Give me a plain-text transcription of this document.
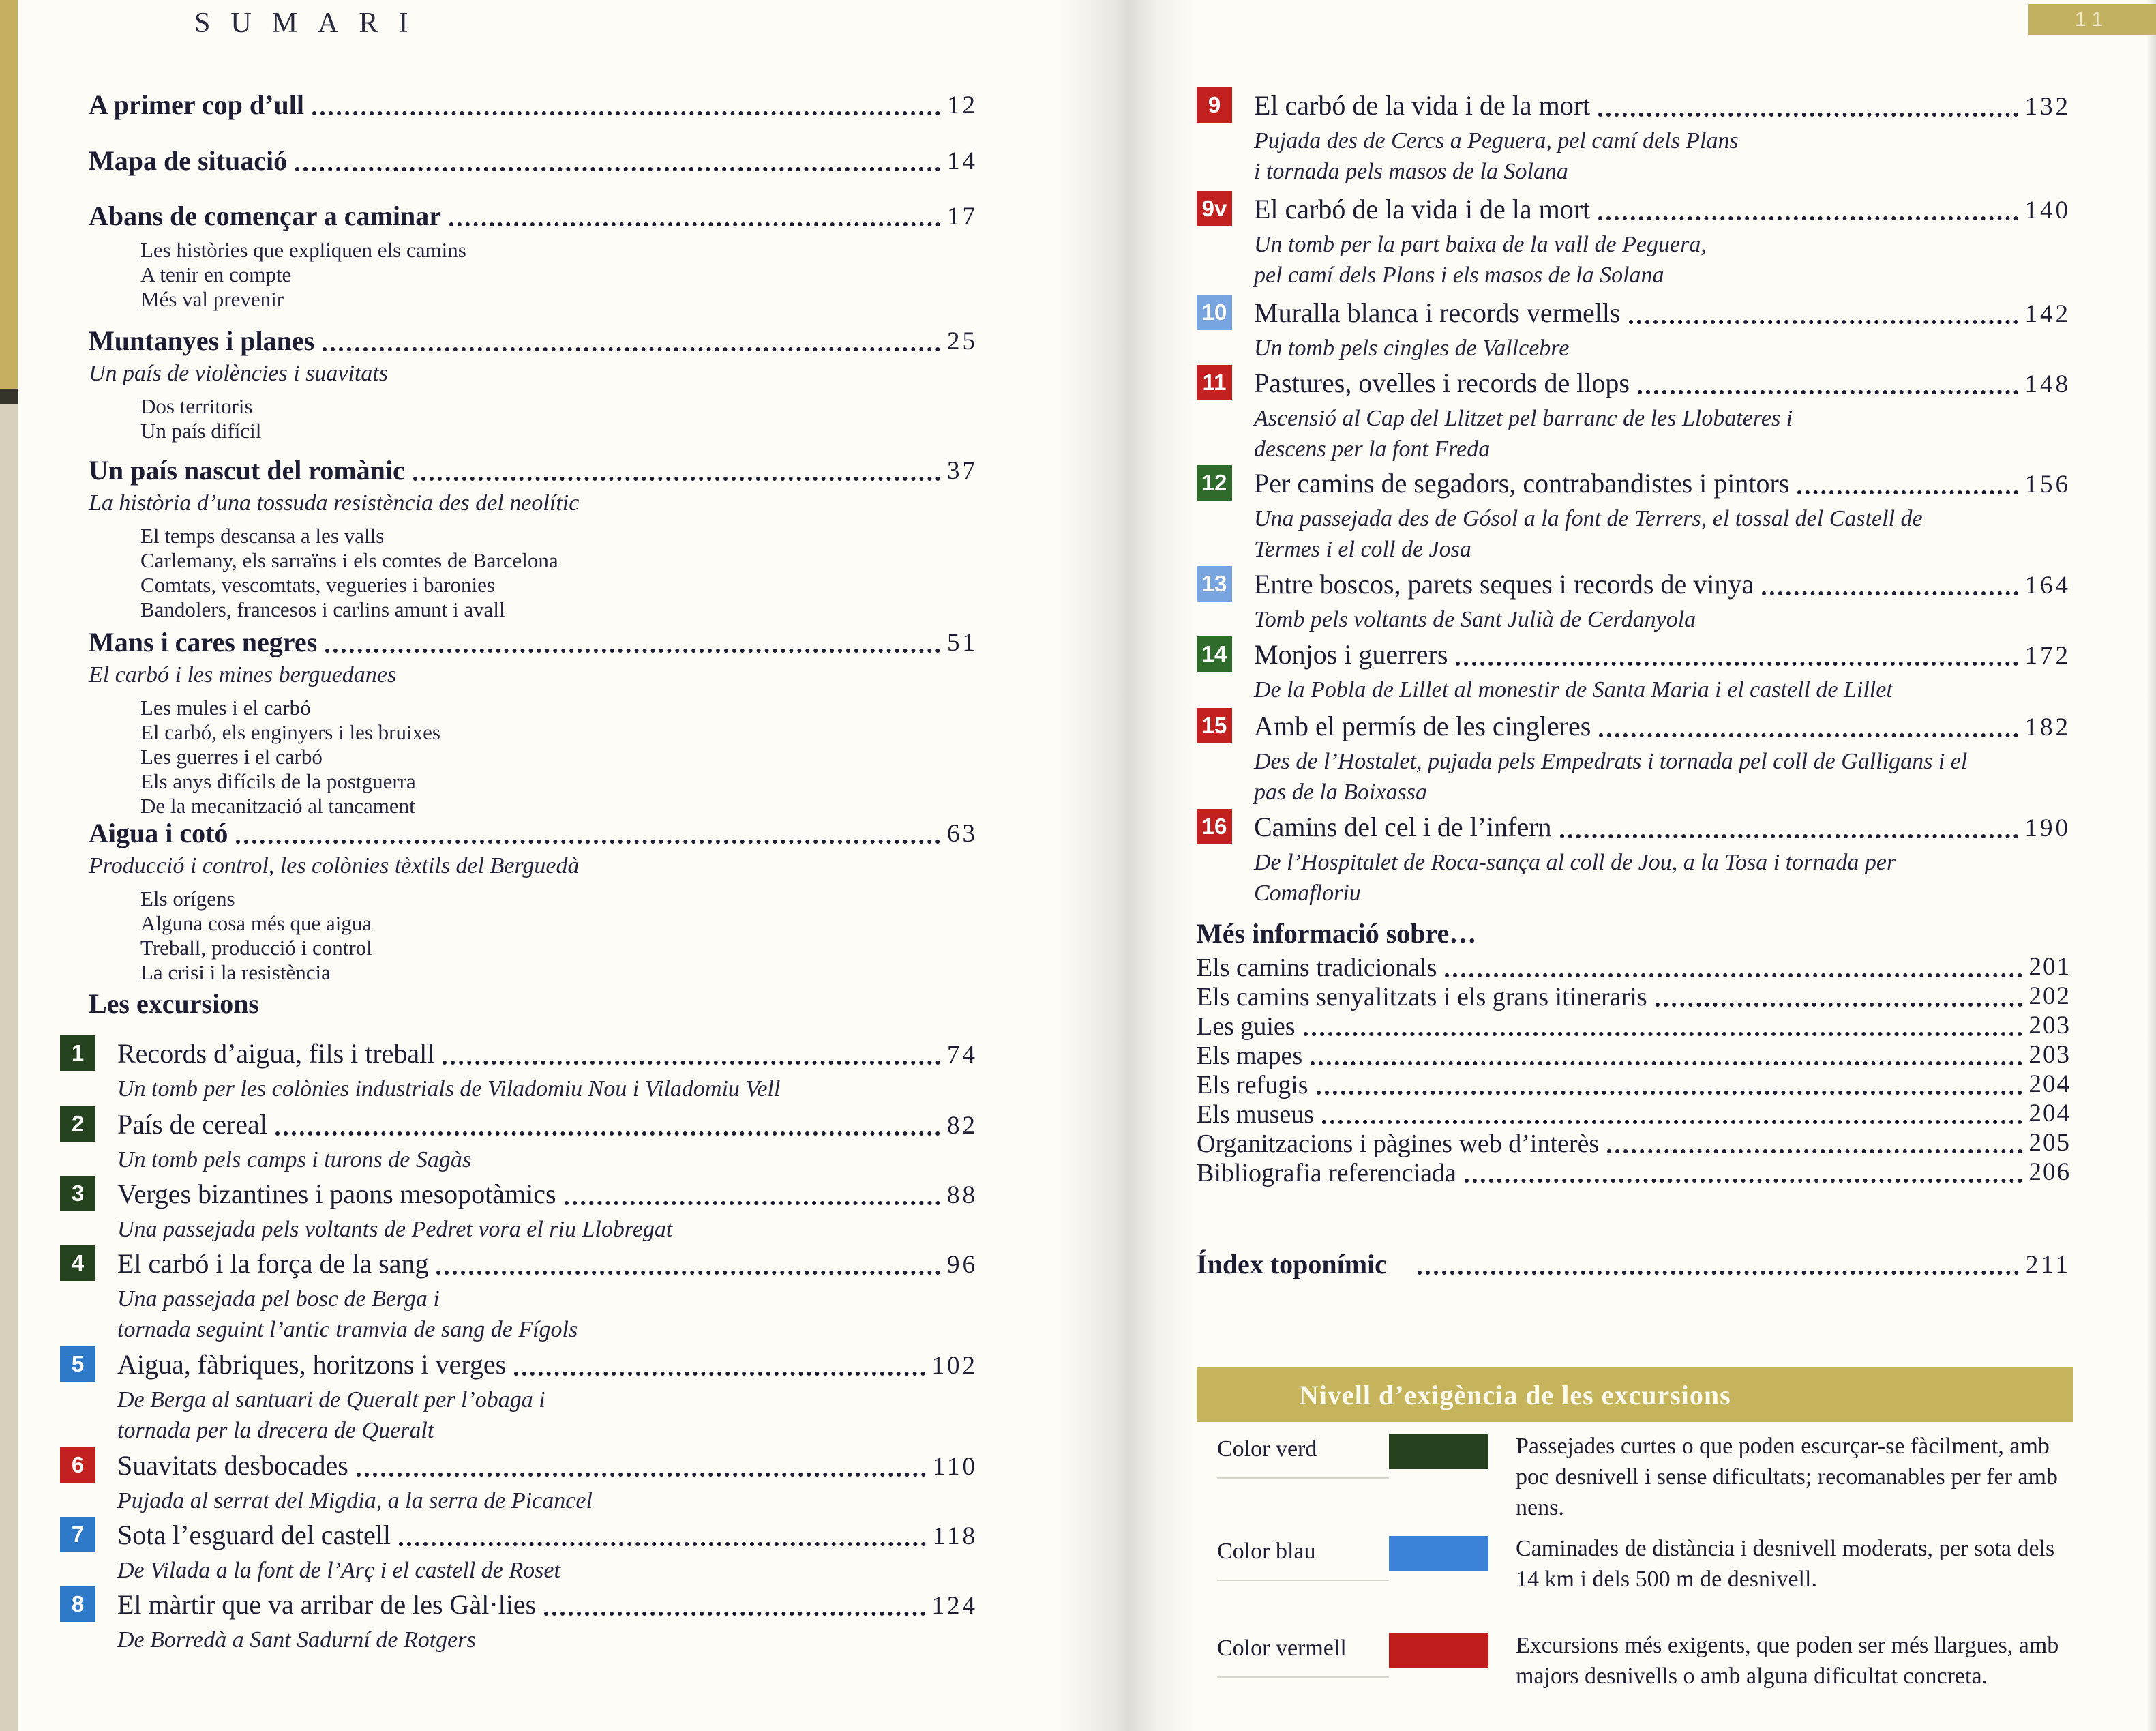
SUMARI
A primer cop d’ull	12
Mapa de situació	14
Abans de començar a caminar	17
Les històries que expliquen els camins
A tenir en compte
Més val prevenir
Muntanyes i planes	25
Un país de violències i suavitats
Dos territoris
Un país difícil
Un país nascut del romànic	37
La història d’una tossuda resistència des del neolític
El temps descansa a les valls
Carlemany, els sarraïns i els comtes de Barcelona
Comtats, vescomtats, vegueries i baronies
Bandolers, francesos i carlins amunt i avall
Mans i cares negres	51
El carbó i les mines berguedanes
Les mules i el carbó
El carbó, els enginyers i les bruixes
Les guerres i el carbó
Els anys difícils de la postguerra
De la mecanització al tancament
Aigua i cotó	63
Producció i control, les colònies tèxtils del Berguedà
Els orígens
Alguna cosa més que aigua
Treball, producció i control
La crisi i la resistència
Les excursions
1	Records d’aigua, fils i treball	74
Un tomb per les colònies industrials de Viladomiu Nou i Viladomiu Vell
2	País de cereal	82
Un tomb pels camps i turons de Sagàs
3	Verges bizantines i paons mesopotàmics	88
Una passejada pels voltants de Pedret vora el riu Llobregat
4	El carbó i la força de la sang	96
Una passejada pel bosc de Berga i
tornada seguint l’antic tramvia de sang de Fígols
5	Aigua, fàbriques, horitzons i verges	102
De Berga al santuari de Queralt per l’obaga i
tornada per la drecera de Queralt
6	Suavitats desbocades	110
Pujada al serrat del Migdia, a la serra de Picancel
7	Sota l’esguard del castell	118
De Vilada a la font de l’Arç i el castell de Roset
8	El màrtir que va arribar de les Gàl·lies	124
De Borredà a Sant Sadurní de Rotgers
9	El carbó de la vida i de la mort	132
Pujada des de Cercs a Peguera, pel camí dels Plans
i tornada pels masos de la Solana
9v El carbó de la vida i de la mort	140
Un tomb per la part baixa de la vall de Peguera,
pel camí dels Plans i els masos de la Solana
10 Muralla blanca i records vermells	142
Un tomb pels cingles de Vallcebre
11 Pastures, ovelles i records de llops	148
Ascensió al Cap del Llitzet pel barranc de les Llobateres i
descens per la font Freda
12 Per camins de segadors, contrabandistes i pintors	156
Una passejada des de Gósol a la font de Terrers, el tossal del Castell de
Termes i el coll de Josa
13 Entre boscos, parets seques i records de vinya	164
Tomb pels voltants de Sant Julià de Cerdanyola
14 Monjos i guerrers	172
De la Pobla de Lillet al monestir de Santa Maria i el castell de Lillet
15 Amb el permís de les cingleres	182
Des de l’Hostalet, pujada pels Empedrats i tornada pel coll de Galligans i el
pas de la Boixassa
16 Camins del cel i de l’infern	190
De l’Hospitalet de Roca-sança al coll de Jou, a la Tosa i tornada per
Comafloriu
Més informació sobre…
Els camins tradicionals	201
Els camins senyalitzats i els grans itineraris	202
Les guies	203
Els mapes	203
Els refugis	204
Els museus	204
Organitzacions i pàgines web d’interès	205
Bibliografia referenciada	206
Índex toponímic	211
Nivell d’exigència de les excursions
Color verd	Passejades curtes o que poden escurçar-se fàcilment, amb poc desnivell i sense dificultats; recomanables per fer amb nens.
Color blau	Caminades de distància i desnivell moderats, per sota dels 14 km i dels 500 m de desnivell.
Color vermell	Excursions més exigents, que poden ser més llargues, amb majors desnivells o amb alguna dificultat concreta.
11
